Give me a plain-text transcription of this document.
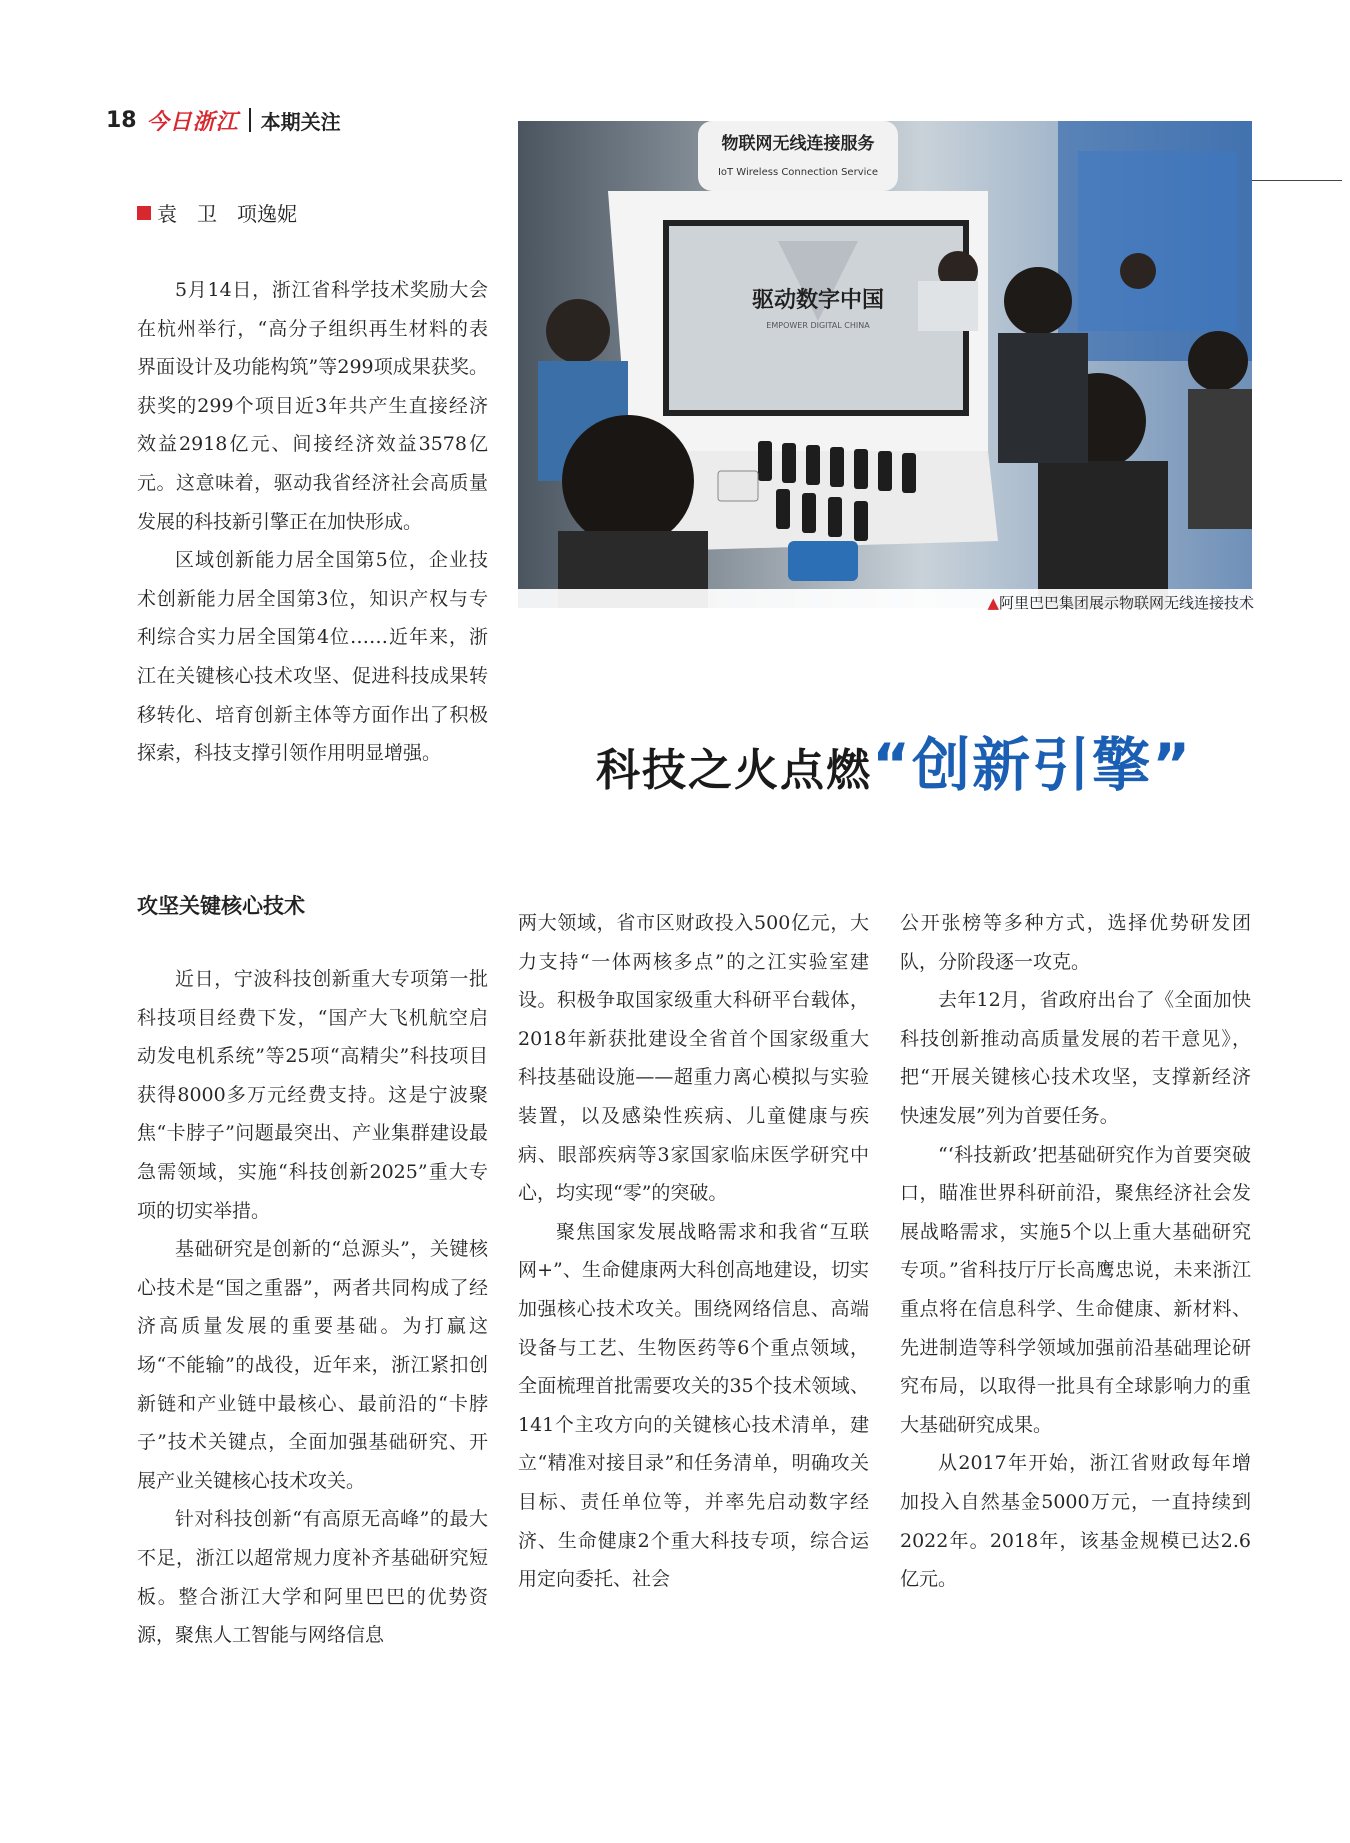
18 今日浙江 本期关注
袁　卫　项逸妮

5月14日，浙江省科学技术奖励大会在杭州举行，“高分子组织再生材料的表界面设计及功能构筑”等299项成果获奖。获奖的299个项目近3年共产生直接经济效益2918亿元、间接经济效益3578亿元。这意味着，驱动我省经济社会高质量发展的科技新引擎正在加快形成。

区域创新能力居全国第5位，企业技术创新能力居全国第3位，知识产权与专利综合实力居全国第4位……近年来，浙江在关键核心技术攻坚、促进科技成果转移转化、培育创新主体等方面作出了积极探索，科技支撑引领作用明显增强。

物联网无线连接服务
IoT Wireless Connection Service
驱动数字中国
EMPOWER DIGITAL CHINA
▲阿里巴巴集团展示物联网无线连接技术
科技之火点燃“创新引擎”
攻坚关键核心技术

近日，宁波科技创新重大专项第一批科技项目经费下发，“国产大飞机航空启动发电机系统”等25项“高精尖”科技项目获得8000多万元经费支持。这是宁波聚焦“卡脖子”问题最突出、产业集群建设最急需领域，实施“科技创新2025”重大专项的切实举措。

基础研究是创新的“总源头”，关键核心技术是“国之重器”，两者共同构成了经济高质量发展的重要基础。为打赢这场“不能输”的战役，近年来，浙江紧扣创新链和产业链中最核心、最前沿的“卡脖子”技术关键点，全面加强基础研究、开展产业关键核心技术攻关。

针对科技创新“有高原无高峰”的最大不足，浙江以超常规力度补齐基础研究短板。整合浙江大学和阿里巴巴的优势资源，聚焦人工智能与网络信息

两大领域，省市区财政投入500亿元，大力支持“一体两核多点”的之江实验室建设。积极争取国家级重大科研平台载体，2018年新获批建设全省首个国家级重大科技基础设施——超重力离心模拟与实验装置，以及感染性疾病、儿童健康与疾病、眼部疾病等3家国家临床医学研究中心，均实现“零”的突破。

聚焦国家发展战略需求和我省“互联网+”、生命健康两大科创高地建设，切实加强核心技术攻关。围绕网络信息、高端设备与工艺、生物医药等6个重点领域，全面梳理首批需要攻关的35个技术领域、141个主攻方向的关键核心技术清单，建立“精准对接目录”和任务清单，明确攻关目标、责任单位等，并率先启动数字经济、生命健康2个重大科技专项，综合运用定向委托、社会

公开张榜等多种方式，选择优势研发团队，分阶段逐一攻克。

去年12月，省政府出台了《全面加快科技创新推动高质量发展的若干意见》，把“开展关键核心技术攻坚，支撑新经济快速发展”列为首要任务。

“‘科技新政’把基础研究作为首要突破口，瞄准世界科研前沿，聚焦经济社会发展战略需求，实施5个以上重大基础研究专项。”省科技厅厅长高鹰忠说，未来浙江重点将在信息科学、生命健康、新材料、先进制造等科学领域加强前沿基础理论研究布局，以取得一批具有全球影响力的重大基础研究成果。

从2017年开始，浙江省财政每年增加投入自然基金5000万元，一直持续到2022年。2018年，该基金规模已达2.6亿元。
